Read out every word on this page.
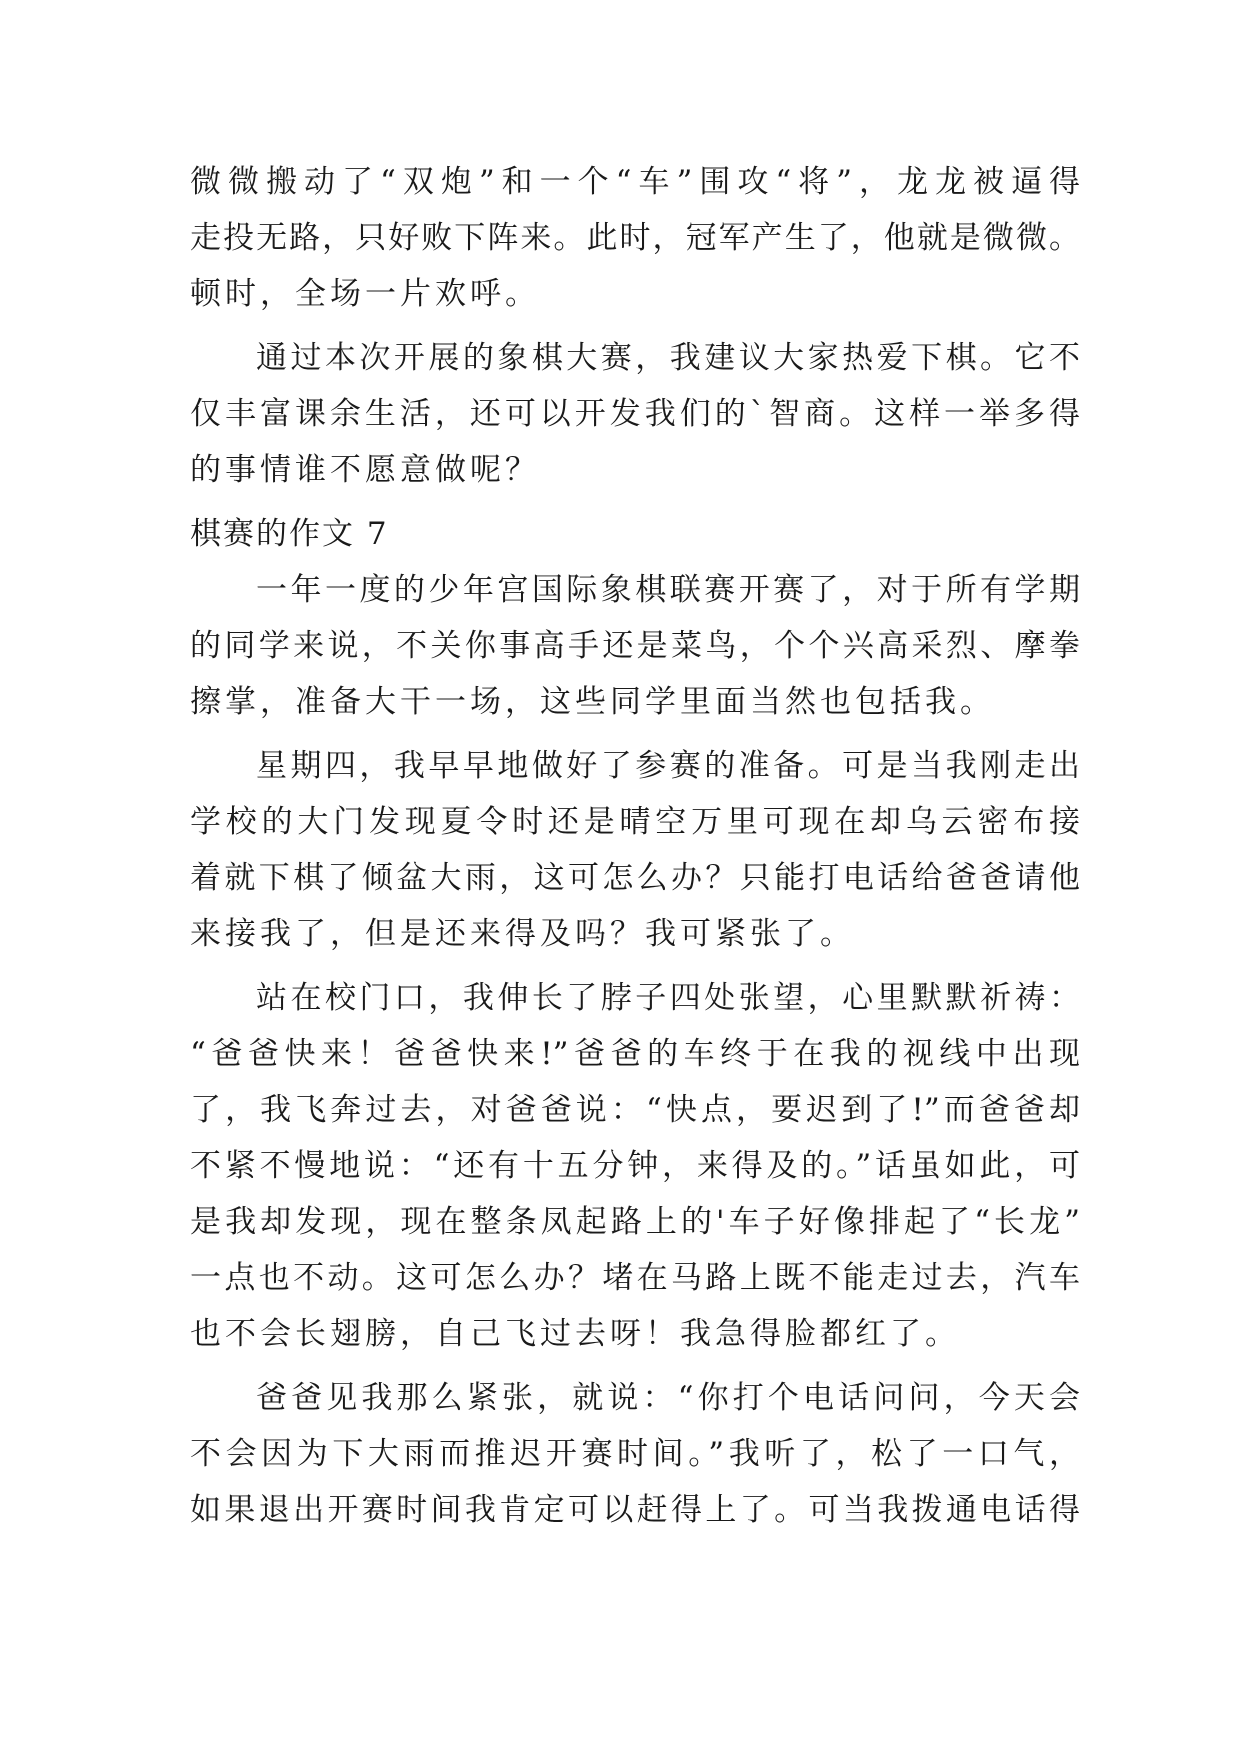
微微搬动了“双炮”和一个“车”围攻“将”，龙龙被逼得
走投无路，只好败下阵来。此时，冠军产生了，他就是微微。
顿时，全场一片欢呼。
通过本次开展的象棋大赛，我建议大家热爱下棋。它不
仅丰富课余生活，还可以开发我们的`智商。这样一举多得
的事情谁不愿意做呢？
棋赛的作文 7
一年一度的少年宫国际象棋联赛开赛了，对于所有学期
的同学来说，不关你事高手还是菜鸟，个个兴高采烈、摩拳
擦掌，准备大干一场，这些同学里面当然也包括我。
星期四，我早早地做好了参赛的准备。可是当我刚走出
学校的大门发现夏令时还是晴空万里可现在却乌云密布接
着就下棋了倾盆大雨，这可怎么办？只能打电话给爸爸请他
来接我了，但是还来得及吗？我可紧张了。
站在校门口，我伸长了脖子四处张望，心里默默祈祷：
“爸爸快来！爸爸快来!”爸爸的车终于在我的视线中出现
了，我飞奔过去，对爸爸说：“快点，要迟到了!”而爸爸却
不紧不慢地说：“还有十五分钟，来得及的。”话虽如此，可
是我却发现，现在整条凤起路上的'车子好像排起了“长龙”
一点也不动。这可怎么办？堵在马路上既不能走过去，汽车
也不会长翅膀，自己飞过去呀！我急得脸都红了。
爸爸见我那么紧张，就说：“你打个电话问问，今天会
不会因为下大雨而推迟开赛时间。”我听了，松了一口气，
如果退出开赛时间我肯定可以赶得上了。可当我拨通电话得
